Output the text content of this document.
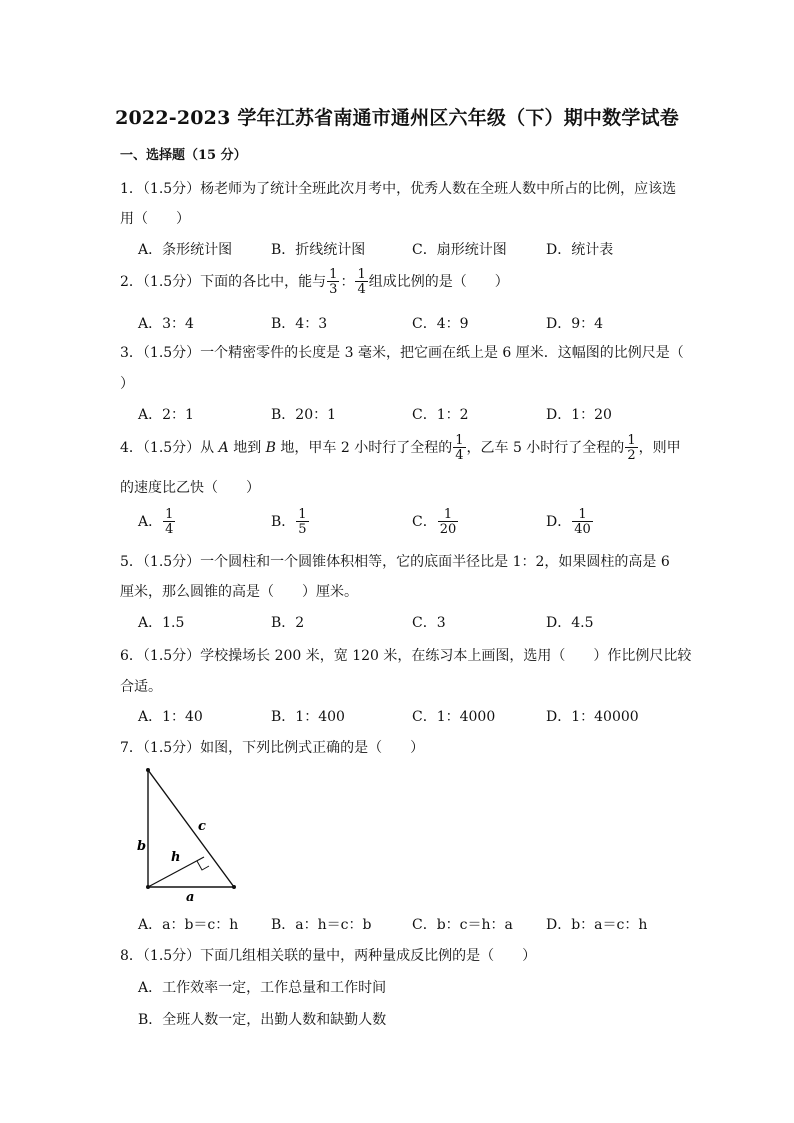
2022-2023 学年江苏省南通市通州区六年级（下）期中数学试卷
一、选择题（15 分）
1．（1.5分）杨老师为了统计全班此次月考中，优秀人数在全班人数中所占的比例，应该选
用（　　）
A．条形统计图	B．折线统计图	C．扇形统计图	D．统计表
2．（1.5分）下面的各比中，能与 $\frac{1}{3}$ ： $\frac{1}{4}$ 组成比例的是（　　）
A．3：4	B．4：3	C．4：9	D．9：4
3．（1.5分）一个精密零件的长度是 3 毫米，把它画在纸上是 6 厘米．这幅图的比例尺是（
）
A．2：1	B．20：1	C．1：2	D．1：20
4．（1.5分）从 A 地到 B 地，甲车 2 小时行了全程的 $\frac{1}{4}$ ，乙车 5 小时行了全程的 $\frac{1}{2}$ ，则甲
的速度比乙快（　　）
A． $\frac{1}{4}$	B． $\frac{1}{5}$	C． $\frac{1}{20}$	D． $\frac{1}{40}$
5．（1.5分）一个圆柱和一个圆锥体积相等，它的底面半径比是 1：2，如果圆柱的高是 6
厘米，那么圆锥的高是（　　）厘米。
A．1.5	B．2	C．3	D．4.5
6．（1.5分）学校操场长 200 米，宽 120 米，在练习本上画图，选用（　　）作比例尺比较
合适。
A．1：40	B．1：400	C．1：4000	D．1：40000
7．（1.5分）如图，下列比例式正确的是（　　）
b
c
h
a
A．a：b＝c：h B．a：h＝c：b	C．b：c＝h：a D．b：a＝c：h
8．（1.5分）下面几组相关联的量中，两种量成反比例的是（　　）
A．工作效率一定，工作总量和工作时间
B．全班人数一定，出勤人数和缺勤人数
